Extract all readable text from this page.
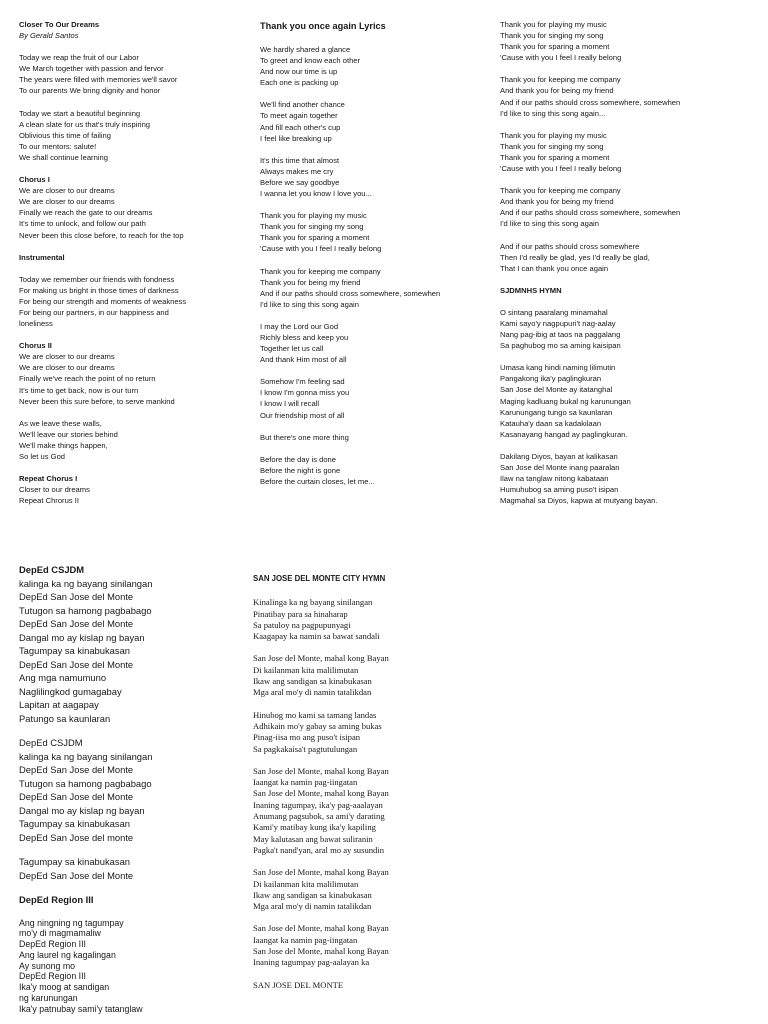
Closer To Our Dreams
By Gerald Santos
Today we reap the fruit of our Labor
We March together with passion and fervor
The years were filled with memories we'll savor
To our parents We bring dignity and honor
Today we start a beautiful beginning
A clean slate for us that's truly inspiring
Oblivious this time of failing
To our mentors: salute!
We shall continue learning
Chorus I
We are closer to our dreams
We are closer to our dreams
Finally we reach the gate to our dreams
It's time to unlock, and follow our path
Never been this close before, to reach for the top
Instrumental
Today we remember our friends with fondness
For making us bright in those times of darkness
For being our strength and moments of weakness
For being our partners, in our happiness and
loneliness
Chorus II
We are closer to our dreams
We are closer to our dreams
Finally we've reach the point of no return
It's time to get back, now is our turn
Never been this sure before, to serve mankind
As we leave these walls,
We'll leave our stories behind
We'll make things happen,
So let us God
Repeat Chorus I
Closer to our dreams
Repeat Chrorus II
Thank you once again Lyrics
We hardly shared a glance
To greet and know each other
And now our time is up
Each one is packing up
We'll find another chance
To meet again together
And fill each other's cup
I feel like breaking up
It's this time that almost
Always makes me cry
Before we say goodbye
I wanna let you know I love you...
Thank you for playing my music
Thank you for singing my song
Thank you for sparing a moment
'Cause with you I feel I really belong
Thank you for keeping me company
Thank you for being my friend
And if our paths should cross somewhere, somewhen
I'd like to sing this song again
I may the Lord our God
Richly bless and keep you
Together let us call
And thank Him most of all
Somehow I'm feeling sad
I know I'm gonna miss you
I know I will recall
Our friendship most of all
But there's one more thing
Before the day is done
Before the night is gone
Before the curtain closes, let me...
Thank you for playing my music
Thank you for singing my song
Thank you for sparing a moment
'Cause with you I feel I really belong
Thank you for keeping me company
And thank you for being my friend
And if our paths should cross somewhere, somewhen
I'd like to sing this song again...
Thank you for playing my music
Thank you for singing my song
Thank you for sparing a moment
'Cause with you I feel I really belong
Thank you for keeping me company
And thank you for being my friend
And if our paths should cross somewhere, somewhen
I'd like to sing this song again
And if our paths should cross somewhere
Then I'd really be glad, yes I'd really be glad,
That I can thank you once again
SJDMNHS HYMN
O sintang paaralang minamahal
Kami sayo'y nagpupuri't nag-aalay
Nang pag-ibig at taos na paggalang
Sa paghubog mo sa aming kaisipan
Umasa kang hindi naming lilimutin
Pangakong ika'y paglingkuran
San Jose del Monte ay itatanghal
Maging kadluang bukal ng karunungan
Karunungang tungo sa kaunlaran
Katauha'y daan sa kadakilaan
Kasanayang hangad ay paglingkuran.
Dakilang Diyos, bayan at kalikasan
San Jose del Monte inang paaralan
Ilaw na tanglaw nitong kabataan
Humuhubog sa aming puso't isipan
Magmahal sa Diyos, kapwa at mutyang bayan.
DepEd CSJDM
kalinga ka ng bayang sinilangan
DepEd San Jose del Monte
Tutugon sa hamong pagbabago
DepEd San Jose del Monte
Dangal mo ay kislap ng bayan
Tagumpay sa kinabukasan
DepEd San Jose del Monte
Ang mga namumuno
Naglilingkod gumagabay
Lapitan at aagapay
Patungo sa kaunlaran
DepEd CSJDM
kalinga ka ng bayang sinilangan
DepEd San Jose del Monte
Tutugon sa hamong pagbabago
DepEd San Jose del Monte
Dangal mo ay kislap ng bayan
Tagumpay sa kinabukasan
DepEd San Jose del monte
Tagumpay sa kinabukasan
DepEd San Jose del Monte
DepEd Region III
Ang ningning ng tagumpay
mo'y di magmamaliw
DepEd Region III
Ang laurel ng kagalingan
Ay sunong mo
DepEd Region III
Ika'y moog at sandigan
ng karunungan
Ika'y patnubay sami'y tatanglaw
SAN JOSE DEL MONTE CITY HYMN
Kinalinga ka ng bayang sinilangan
Pinatibay para sa hinaharap
Sa patuloy na pagpupunyagi
Kaagapay ka namin sa bawat sandali
San Jose del Monte, mahal kong Bayan
Di kailanman kita malilimutan
Ikaw ang sandigan sa kinabukasan
Mga aral mo'y di namin tatalikdan
Hinubog mo kami sa tamang landas
Adhikain mo'y gabay sa aming bukas
Pinag-iisa mo ang puso't isipan
Sa pagkakaisa't pagtutulungan
San Jose del Monte, mahal kong Bayan
Iaangat ka namin pag-iingatan
San Jose del Monte, mahal kong Bayan
Inaning tagumpay, ika'y pag-aaalayan
Anumang pagsubok, sa ami'y darating
Kami'y matibay kung ika'y kapiling
May kalutasan ang bawat suliranin
Pagka't nand'yan, aral mo ay susundin
San Jose del Monte, mahal kong Bayan
Di kailanman kita malilimutan
Ikaw ang sandigan sa kinabukasan
Mga aral mo'y di namin tatalikdan
San Jose del Monte, mahal kong Bayan
Iaangat ka namin pag-iingatan
San Jose del Monte, mahal kong Bayan
Inaning tagumpay pag-aalayan ka
SAN JOSE DEL MONTE
